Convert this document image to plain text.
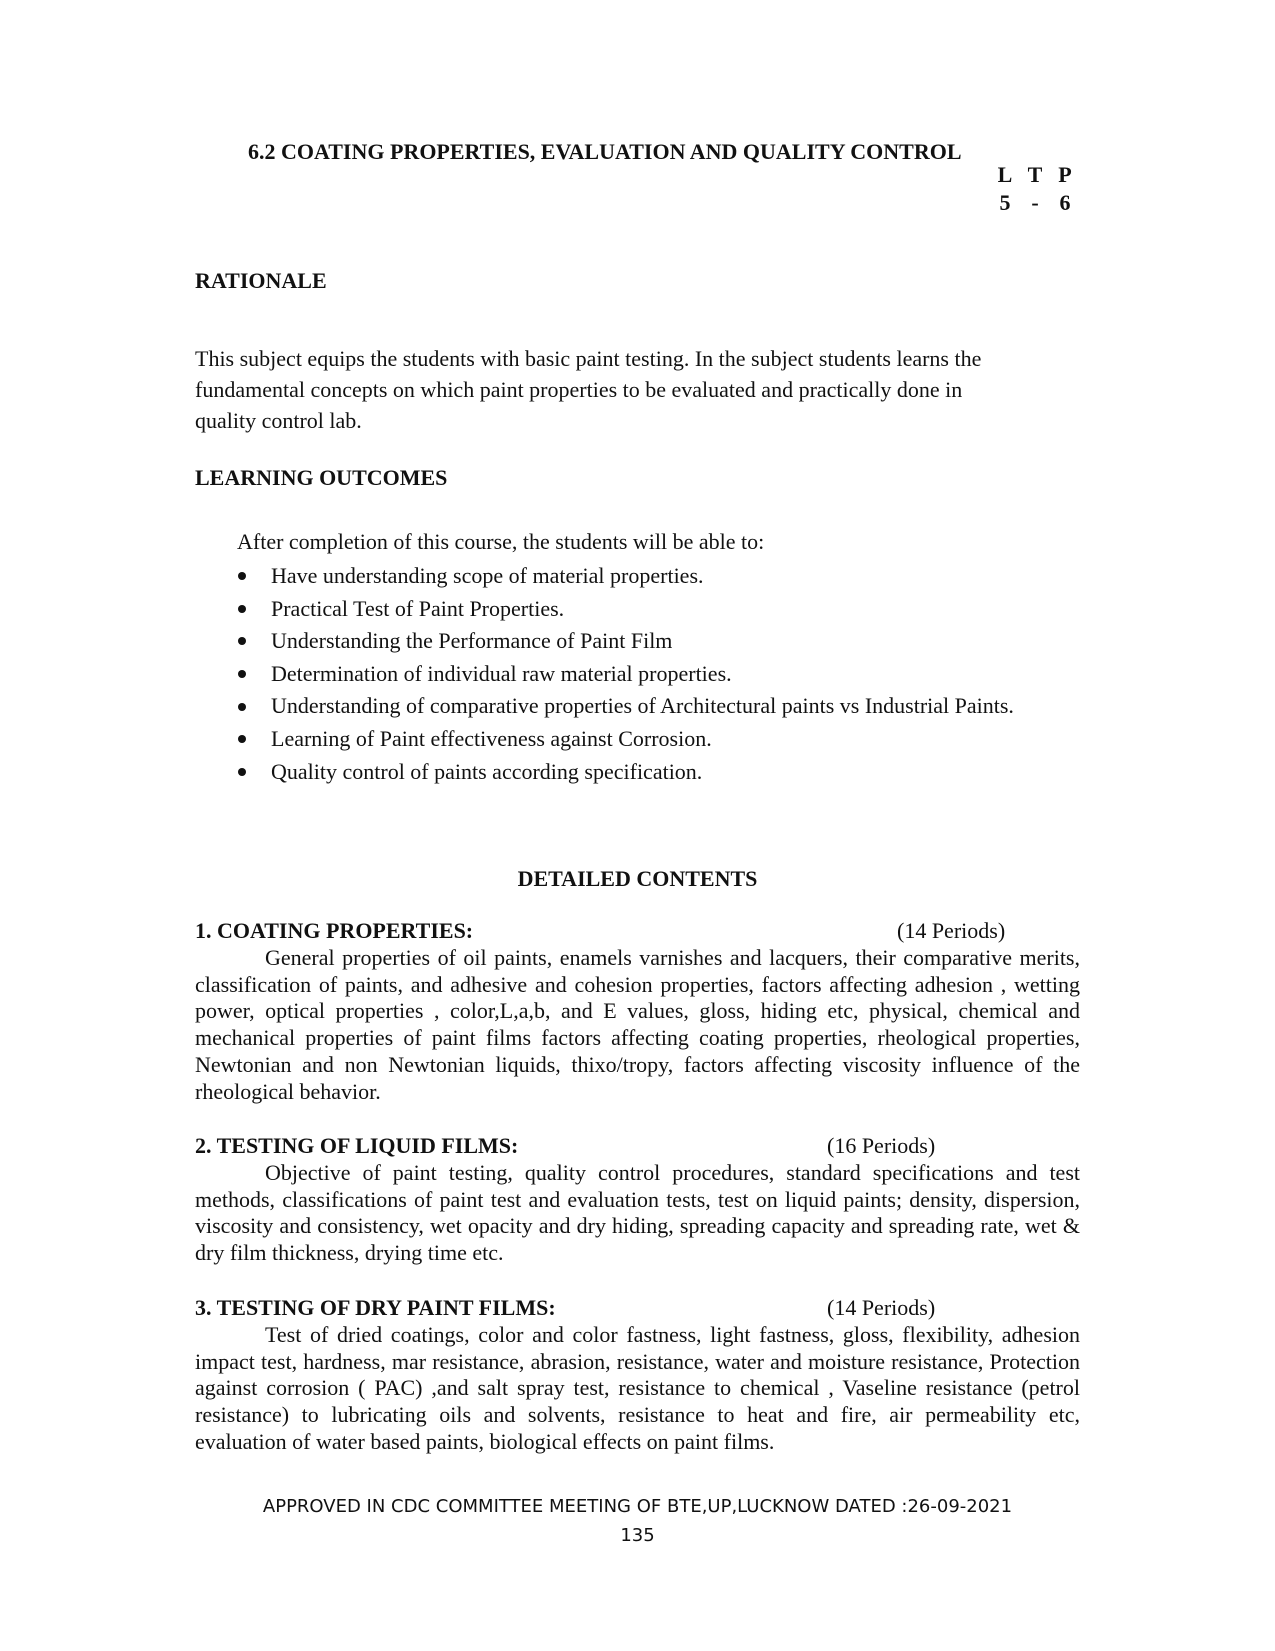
6.2 COATING PROPERTIES, EVALUATION AND QUALITY CONTROL
L T P
5 - 6
RATIONALE
This subject equips the students with basic paint testing. In the subject students learns the
fundamental concepts on which paint properties to be evaluated and practically done in
quality control lab.
LEARNING OUTCOMES
After completion of this course, the students will be able to:
Have understanding scope of material properties.
Practical Test of Paint Properties.
Understanding the Performance of Paint Film
Determination of individual raw material properties.
Understanding of comparative properties of Architectural paints vs Industrial Paints.
Learning of Paint effectiveness against Corrosion.
Quality control of paints according specification.
DETAILED CONTENTS
1. COATING PROPERTIES:	(14 Periods)

General properties of oil paints, enamels varnishes and lacquers, their comparative merits, classification of paints, and adhesive and cohesion properties, factors affecting adhesion , wetting power, optical properties , color,L,a,b, and E values, gloss, hiding etc, physical, chemical and mechanical properties of paint films factors affecting coating properties, rheological properties, Newtonian and non Newtonian liquids, thixo/tropy, factors affecting viscosity influence of the rheological behavior.

2. TESTING OF LIQUID FILMS:	(16 Periods)

Objective of paint testing, quality control procedures, standard specifications and test methods, classifications of paint test and evaluation tests, test on liquid paints; density, dispersion, viscosity and consistency, wet opacity and dry hiding, spreading capacity and spreading rate, wet & dry film thickness, drying time etc.

3. TESTING OF DRY PAINT FILMS:	(14 Periods)

Test of dried coatings, color and color fastness, light fastness, gloss, flexibility, adhesion impact test, hardness, mar resistance, abrasion, resistance, water and moisture resistance, Protection against corrosion ( PAC) ,and salt spray test, resistance to chemical , Vaseline resistance (petrol resistance) to lubricating oils and solvents, resistance to heat and fire, air permeability etc, evaluation of water based paints, biological effects on paint films.

APPROVED IN CDC COMMITTEE MEETING OF BTE,UP,LUCKNOW DATED :26-09-2021
135
